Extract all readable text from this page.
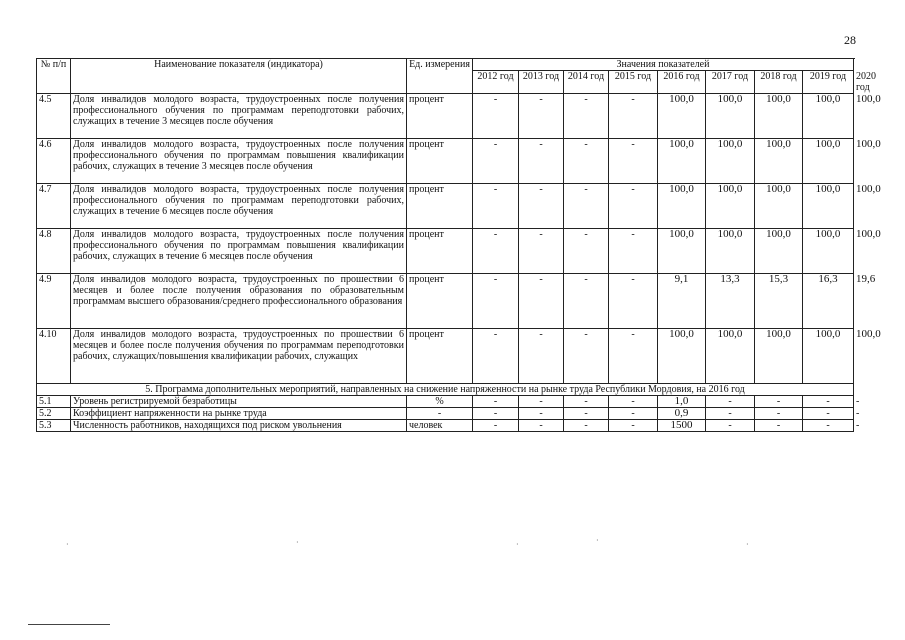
28
№ п/п	Наименование показателя (индикатора)	Ед. измерения	Значения показателей								
			2012 год	2013 год	2014 год	2015 год	2016 год	2017 год	2018 год	2019 год	2020 год
4.5	Доля инвалидов молодого возраста, трудоустроенных после получения профессионального обучения по программам переподготовки рабочих, служащих в течение 3 месяцев после обучения	процент	-	-	-	-	100,0	100,0	100,0	100,0	100,0
4.6	Доля инвалидов молодого возраста, трудоустроенных после получения профессионального обучения по программам повышения квалификации рабочих, служащих в течение 3 месяцев после обучения	процент	-	-	-	-	100,0	100,0	100,0	100,0	100,0
4.7	Доля инвалидов молодого возраста, трудоустроенных после получения профессионального обучения по программам переподготовки рабочих, служащих в течение 6 месяцев после обучения	процент	-	-	-	-	100,0	100,0	100,0	100,0	100,0
4.8	Доля инвалидов молодого возраста, трудоустроенных после получения профессионального обучения по программам повышения квалификации рабочих, служащих в течение 6 месяцев после обучения	процент	-	-	-	-	100,0	100,0	100,0	100,0	100,0
4.9	Доля инвалидов молодого возраста, трудоустроенных по прошествии 6 месяцев и более после получения образования по образовательным программам высшего образования/среднего профессионального образования	процент	-	-	-	-	9,1	13,3	15,3	16,3	19,6
4.10	Доля инвалидов молодого возраста, трудоустроенных по прошествии 6 месяцев и более после получения обучения по программам переподготовки рабочих, служащих/повышения квалификации рабочих, служащих	процент	-	-	-	-	100,0	100,0	100,0	100,0	100,0
5. Программа дополнительных мероприятий, направленных на снижение напряженности на рынке труда Республики Мордовия, на 2016 год											
5.1	Уровень регистрируемой безработицы	%	-	-	-	-	1,0	-	-	-	-
5.2	Коэффициент напряженности на рынке труда	-	-	-	-	-	0,9	-	-	-	-
5.3	Численность работников, находящихся под риском увольнения	человек	-	-	-	-	1500	-	-	-	-
·	·	·	·	·
